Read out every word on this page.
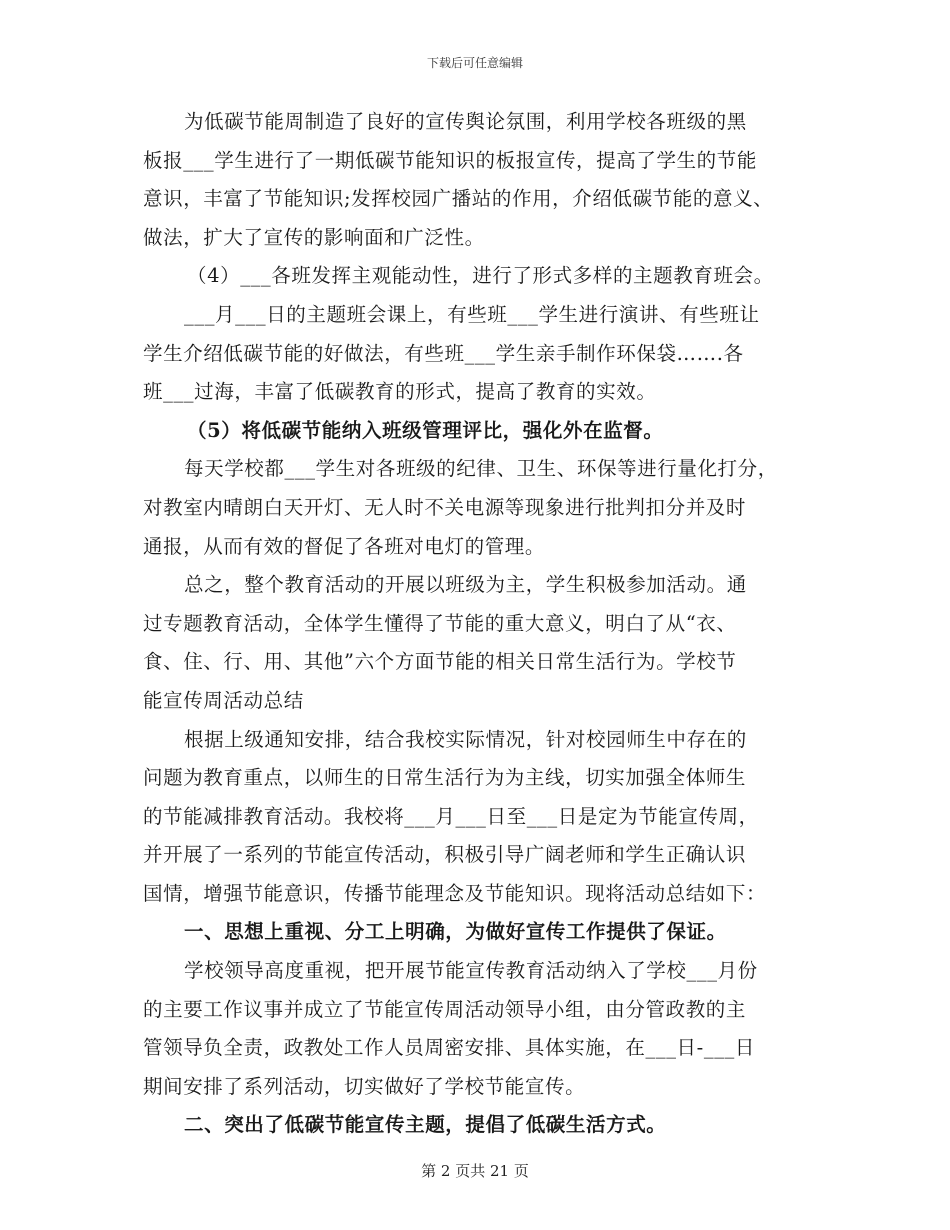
下载后可任意编辑
为低碳节能周制造了良好的宣传舆论氛围，利用学校各班级的黑
板报___学生进行了一期低碳节能知识的板报宣传，提高了学生的节能
意识，丰富了节能知识;发挥校园广播站的作用，介绍低碳节能的意义、
做法，扩大了宣传的影响面和广泛性。
（4）___各班发挥主观能动性，进行了形式多样的主题教育班会。
___月___日的主题班会课上，有些班___学生进行演讲、有些班让
学生介绍低碳节能的好做法，有些班___学生亲手制作环保袋…….各
班___过海，丰富了低碳教育的形式，提高了教育的实效。
（5）将低碳节能纳入班级管理评比，强化外在监督。
每天学校都___学生对各班级的纪律、卫生、环保等进行量化打分，
对教室内晴朗白天开灯、无人时不关电源等现象进行批判扣分并及时
通报，从而有效的督促了各班对电灯的管理。
总之，整个教育活动的开展以班级为主，学生积极参加活动。通
过专题教育活动，全体学生懂得了节能的重大意义，明白了从“衣、
食、住、行、用、其他”六个方面节能的相关日常生活行为。学校节
能宣传周活动总结
根据上级通知安排，结合我校实际情况，针对校园师生中存在的
问题为教育重点，以师生的日常生活行为为主线，切实加强全体师生
的节能减排教育活动。我校将___月___日至___日是定为节能宣传周，
并开展了一系列的节能宣传活动，积极引导广阔老师和学生正确认识
国情，增强节能意识，传播节能理念及节能知识。现将活动总结如下：
一、思想上重视、分工上明确，为做好宣传工作提供了保证。
学校领导高度重视，把开展节能宣传教育活动纳入了学校___月份
的主要工作议事并成立了节能宣传周活动领导小组，由分管政教的主
管领导负全责，政教处工作人员周密安排、具体实施，在___日-___日
期间安排了系列活动，切实做好了学校节能宣传。
二、突出了低碳节能宣传主题，提倡了低碳生活方式。
第 2 页共 21 页
